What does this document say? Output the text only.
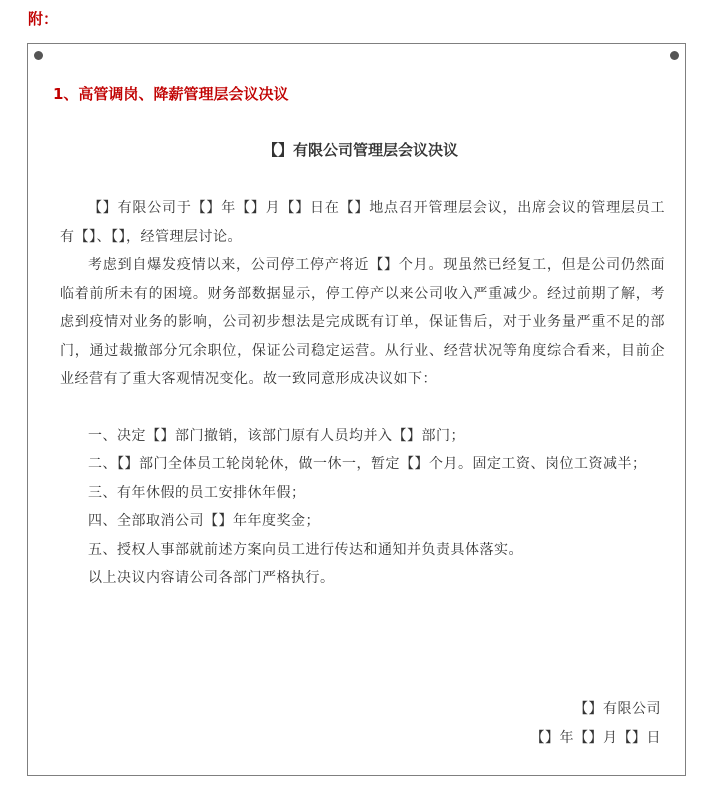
附：
1、高管调岗、降薪管理层会议决议
【】有限公司管理层会议决议

【】有限公司于【】年【】月【】日在【】地点召开管理层会议，出席会议的管理层员工有【】、【】，经管理层讨论。

考虑到自爆发疫情以来，公司停工停产将近【】个月。现虽然已经复工，但是公司仍然面临着前所未有的困境。财务部数据显示，停工停产以来公司收入严重减少。经过前期了解，考虑到疫情对业务的影响，公司初步想法是完成既有订单，保证售后，对于业务量严重不足的部门，通过裁撤部分冗余职位，保证公司稳定运营。从行业、经营状况等角度综合看来，目前企业经营有了重大客观情况变化。故一致同意形成决议如下：

一、决定【】部门撤销，该部门原有人员均并入【】部门；

二、【】部门全体员工轮岗轮休，做一休一，暂定【】个月。固定工资、岗位工资减半；

三、有年休假的员工安排休年假；

四、全部取消公司【】年年度奖金；

五、授权人事部就前述方案向员工进行传达和通知并负责具体落实。

以上决议内容请公司各部门严格执行。

【】有限公司
【】年【】月【】日
